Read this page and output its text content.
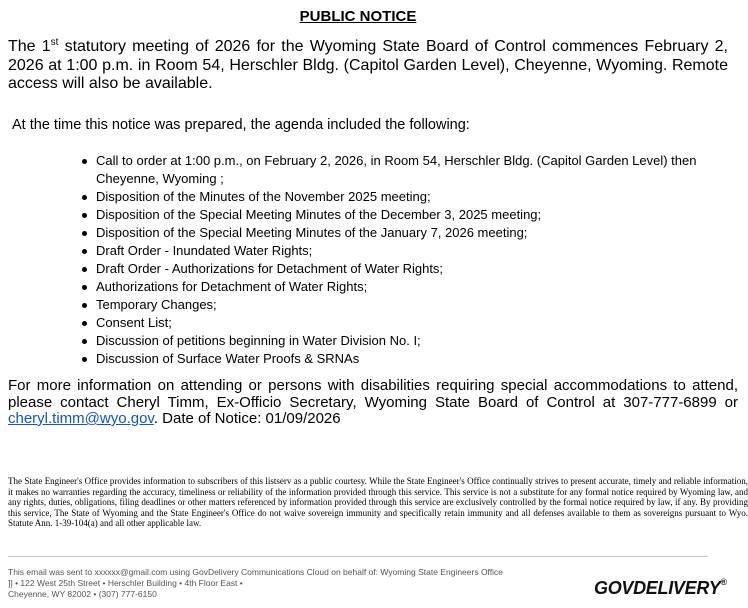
PUBLIC NOTICE

The 1st statutory meeting of 2026 for the Wyoming State Board of Control commences February 2, 2026 at 1:00 p.m. in Room 54, Herschler Bldg. (Capitol Garden Level), Cheyenne, Wyoming. Remote access will also be available.

At the time this notice was prepared, the agenda included the following:

Call to order at 1:00 p.m., on February 2, 2026, in Room 54, Herschler Bldg. (Capitol Garden Level) then Cheyenne, Wyoming ;
Disposition of the Minutes of the November 2025 meeting;
Disposition of the Special Meeting Minutes of the December 3, 2025 meeting;
Disposition of the Special Meeting Minutes of the January 7, 2026 meeting;
Draft Order - Inundated Water Rights;
Draft Order - Authorizations for Detachment of Water Rights;
Authorizations for Detachment of Water Rights;
Temporary Changes;
Consent List;
Discussion of petitions beginning in Water Division No. I;
Discussion of Surface Water Proofs & SRNAs

For more information on attending or persons with disabilities requiring special accommodations to attend, please contact Cheryl Timm, Ex-Officio Secretary, Wyoming State Board of Control at 307-777-6899 or cheryl.timm@wyo.gov. Date of Notice: 01/09/2026

The State Engineer's Office provides information to subscribers of this listserv as a public courtesy. While the State Engineer's Office continually strives to present accurate, timely and reliable information, it makes no warranties regarding the accuracy, timeliness or reliability of the information provided through this service. This service is not a substitute for any formal notice required by Wyoming law, and any rights, duties, obligations, filing deadlines or other matters referenced by information provided through this service are exclusively controlled by the formal notice required by law, if any. By providing this service, The State of Wyoming and the State Engineer's Office do not waive sovereign immunity and specifically retain immunity and all defenses available to them as sovereigns pursuant to Wyo. Statute Ann. 1-39-104(a) and all other applicable law.

This email was sent to xxxxxx@gmail.com using GovDelivery Communications Cloud on behalf of: Wyoming State Engineers Office
]] • 122 West 25th Street • Herschler Building • 4th Floor East •
Cheyenne, WY 82002 • (307) 777-6150	GOVDELIVERY®
